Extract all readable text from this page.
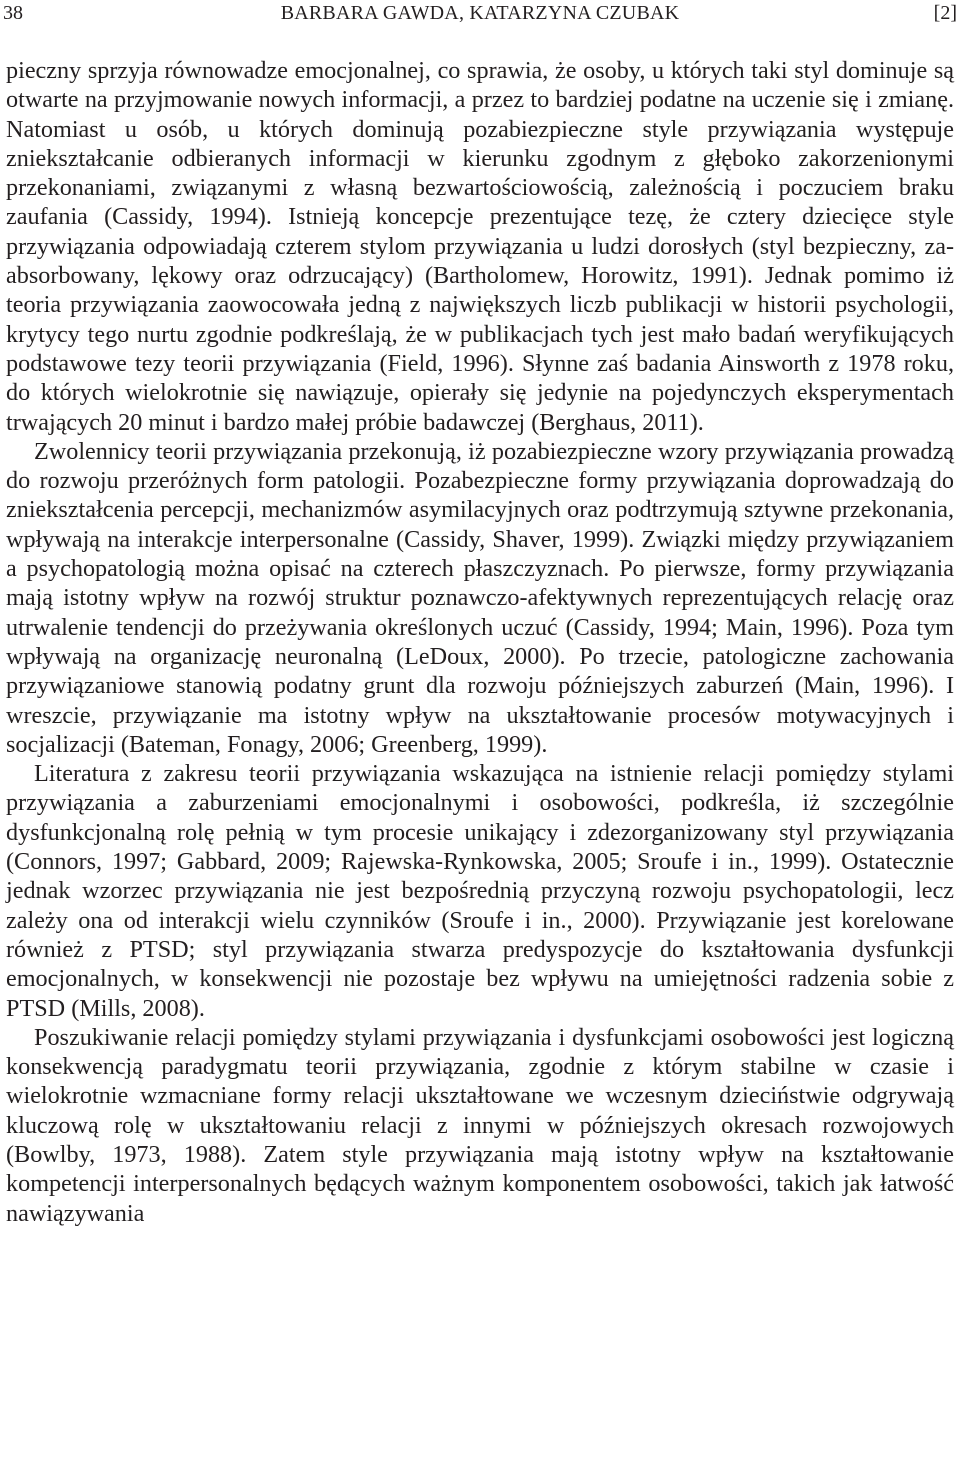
38	BARBARA GAWDA, KATARZYNA CZUBAK	[2]

pieczny sprzyja równowadze emocjonalnej, co sprawia, że osoby, u których taki styl dominuje są otwarte na przyjmowanie nowych informacji, a przez to bardziej podatne na uczenie się i zmianę. Natomiast u osób, u których dominują pozabiezpieczne style przywiązania występuje zniekształcanie odbieranych informacji w kierunku zgodnym z głęboko zakorzenionymi przekonaniami, związanymi z własną bezwartościowością, zależnością i poczuciem braku zaufania (Cassidy, 1994). Istnieją koncepcje prezentujące tezę, że cztery dziecięce style przywiązania odpowiadają czterem stylom przywiązania u ludzi dorosłych (styl bezpieczny, zaabsorbowany, lękowy oraz odrzucający) (Bartholomew, Horowitz, 1991). Jednak pomimo iż teoria przywiązania zaowocowała jedną z największych liczb publikacji w historii psychologii, krytycy tego nurtu zgodnie podkreślają, że w publikacjach tych jest mało badań weryfikujących podstawowe tezy teorii przywiązania (Field, 1996). Słynne zaś badania Ainsworth z 1978 roku, do których wielokrotnie się nawiązuje, opierały się jedynie na pojedynczych eksperymentach trwających 20 minut i bardzo małej próbie badawczej (Berghaus, 2011).

Zwolennicy teorii przywiązania przekonują, iż pozabiezpieczne wzory przywiązania prowadzą do rozwoju przeróżnych form patologii. Pozabezpieczne formy przywiązania doprowadzają do zniekształcenia percepcji, mechanizmów asymilacyjnych oraz podtrzymują sztywne przekonania, wpływają na interakcje interpersonalne (Cassidy, Shaver, 1999). Związki między przywiązaniem a psychopatologią można opisać na czterech płaszczyznach. Po pierwsze, formy przywiązania mają istotny wpływ na rozwój struktur poznawczo-afektywnych reprezentujących relację oraz utrwalenie tendencji do przeżywania określonych uczuć (Cassidy, 1994; Main, 1996). Poza tym wpływają na organizację neuronalną (LeDoux, 2000). Po trzecie, patologiczne zachowania przywiązaniowe stanowią podatny grunt dla rozwoju późniejszych zaburzeń (Main, 1996). I wreszcie, przywiązanie ma istotny wpływ na ukształtowanie procesów motywacyjnych i socjalizacji (Bateman, Fonagy, 2006; Greenberg, 1999).

Literatura z zakresu teorii przywiązania wskazująca na istnienie relacji pomiędzy stylami przywiązania a zaburzeniami emocjonalnymi i osobowości, podkreśla, iż szczególnie dysfunkcjonalną rolę pełnią w tym procesie unikający i zdezorganizowany styl przywiązania (Connors, 1997; Gabbard, 2009; Rajewska-Rynkowska, 2005; Sroufe i in., 1999). Ostatecznie jednak wzorzec przywiązania nie jest bezpośrednią przyczyną rozwoju psychopatologii, lecz zależy ona od interakcji wielu czynników (Sroufe i in., 2000). Przywiązanie jest korelowane również z PTSD; styl przywiązania stwarza predyspozycje do kształtowania dysfunkcji emocjonalnych, w konsekwencji nie pozostaje bez wpływu na umiejętności radzenia sobie z PTSD (Mills, 2008).

Poszukiwanie relacji pomiędzy stylami przywiązania i dysfunkcjami osobowości jest logiczną konsekwencją paradygmatu teorii przywiązania, zgodnie z którym stabilne w czasie i wielokrotnie wzmacniane formy relacji ukształtowane we wczesnym dzieciństwie odgrywają kluczową rolę w ukształtowaniu relacji z innymi w późniejszych okresach rozwojowych (Bowlby, 1973, 1988). Zatem style przywiązania mają istotny wpływ na kształtowanie kompetencji interpersonalnych będących ważnym komponentem osobowości, takich jak łatwość nawiązywania
